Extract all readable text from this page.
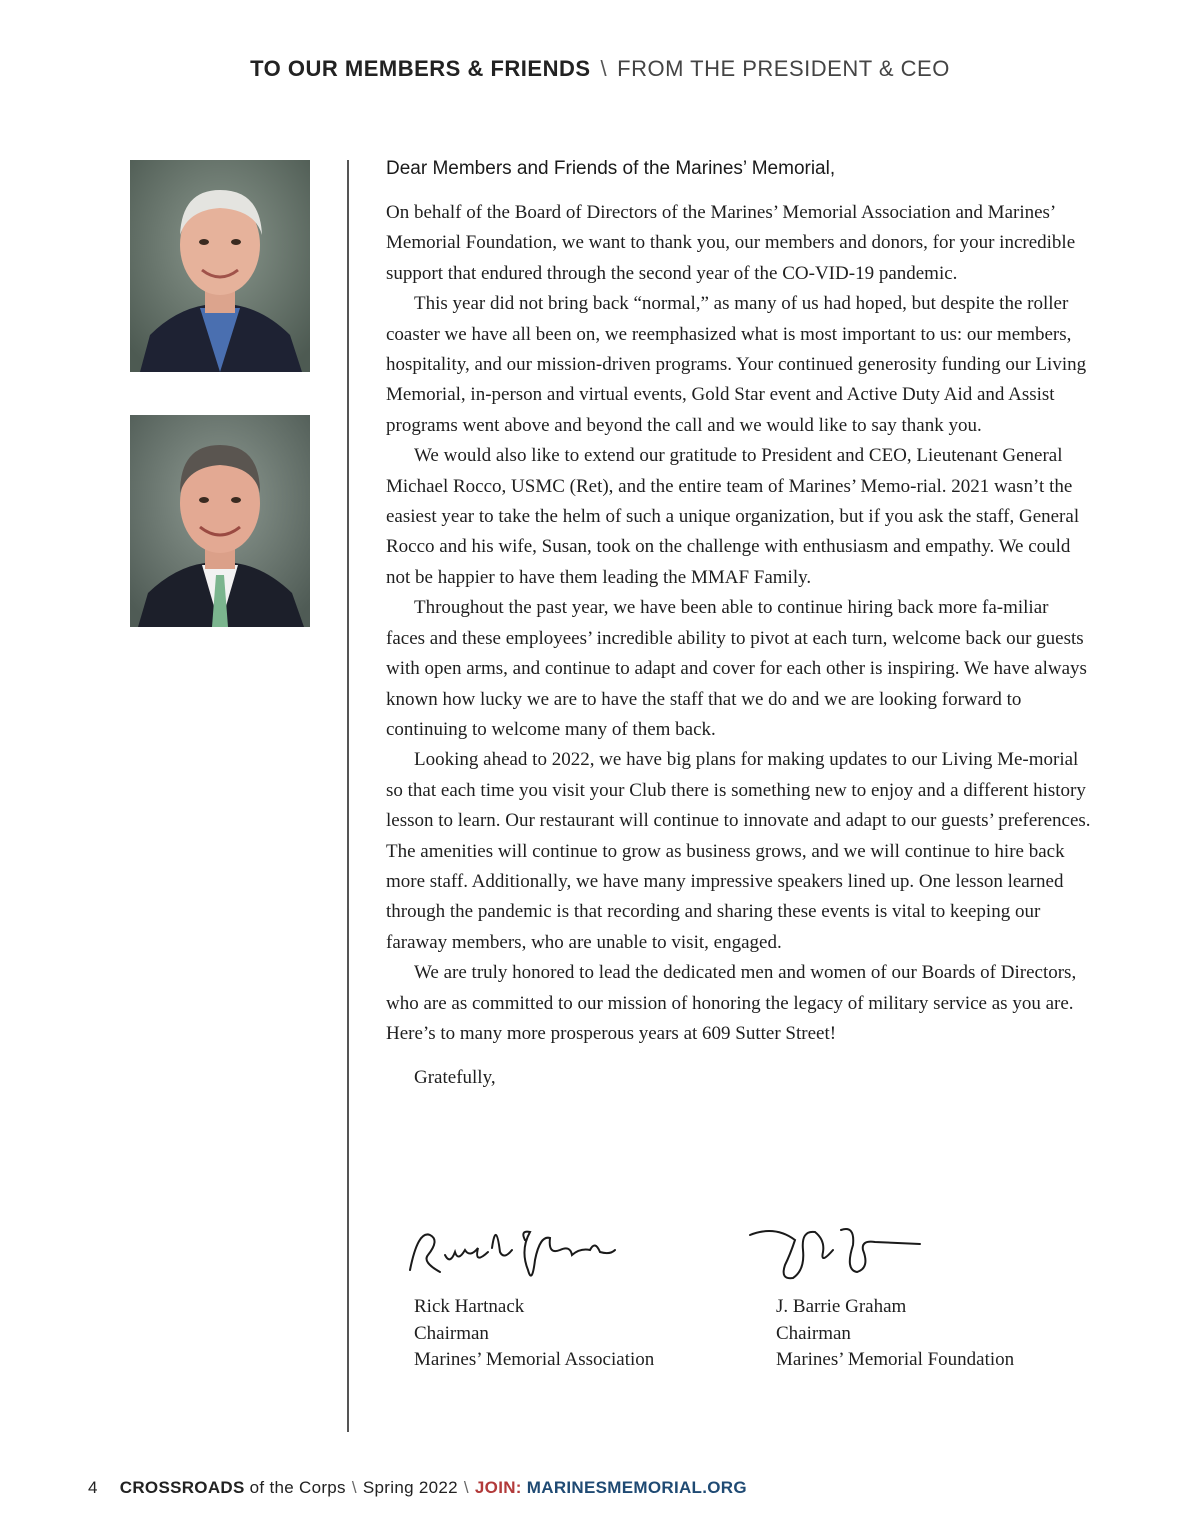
TO OUR MEMBERS & FRIENDS \ FROM THE PRESIDENT & CEO

Dear Members and Friends of the Marines’ Memorial,

On behalf of the Board of Directors of the Marines’ Memorial Association and Marines’ Memorial Foundation, we want to thank you, our members and donors, for your incredible support that endured through the second year of the CO-VID-19 pandemic.

This year did not bring back “normal,” as many of us had hoped, but despite the roller coaster we have all been on, we reemphasized what is most important to us: our members, hospitality, and our mission-driven programs. Your continued generosity funding our Living Memorial, in-person and virtual events, Gold Star event and Active Duty Aid and Assist programs went above and beyond the call and we would like to say thank you.

We would also like to extend our gratitude to President and CEO, Lieutenant General Michael Rocco, USMC (Ret), and the entire team of Marines’ Memo-rial. 2021 wasn’t the easiest year to take the helm of such a unique organization, but if you ask the staff, General Rocco and his wife, Susan, took on the challenge with enthusiasm and empathy. We could not be happier to have them leading the MMAF Family.

Throughout the past year, we have been able to continue hiring back more fa-miliar faces and these employees’ incredible ability to pivot at each turn, welcome back our guests with open arms, and continue to adapt and cover for each other is inspiring. We have always known how lucky we are to have the staff that we do and we are looking forward to continuing to welcome many of them back.

Looking ahead to 2022, we have big plans for making updates to our Living Me-morial so that each time you visit your Club there is something new to enjoy and a different history lesson to learn. Our restaurant will continue to innovate and adapt to our guests’ preferences. The amenities will continue to grow as business grows, and we will continue to hire back more staff. Additionally, we have many impressive speakers lined up. One lesson learned through the pandemic is that recording and sharing these events is vital to keeping our faraway members, who are unable to visit, engaged.

We are truly honored to lead the dedicated men and women of our Boards of Directors, who are as committed to our mission of honoring the legacy of military service as you are. Here’s to many more prosperous years at 609 Sutter Street!

Gratefully,

Rick Hartnack
Chairman
Marines’ Memorial Association
J. Barrie Graham
Chairman
Marines’ Memorial Foundation
4 CROSSROADS of the Corps \ Spring 2022 \ JOIN: MARINESMEMORIAL.ORG
